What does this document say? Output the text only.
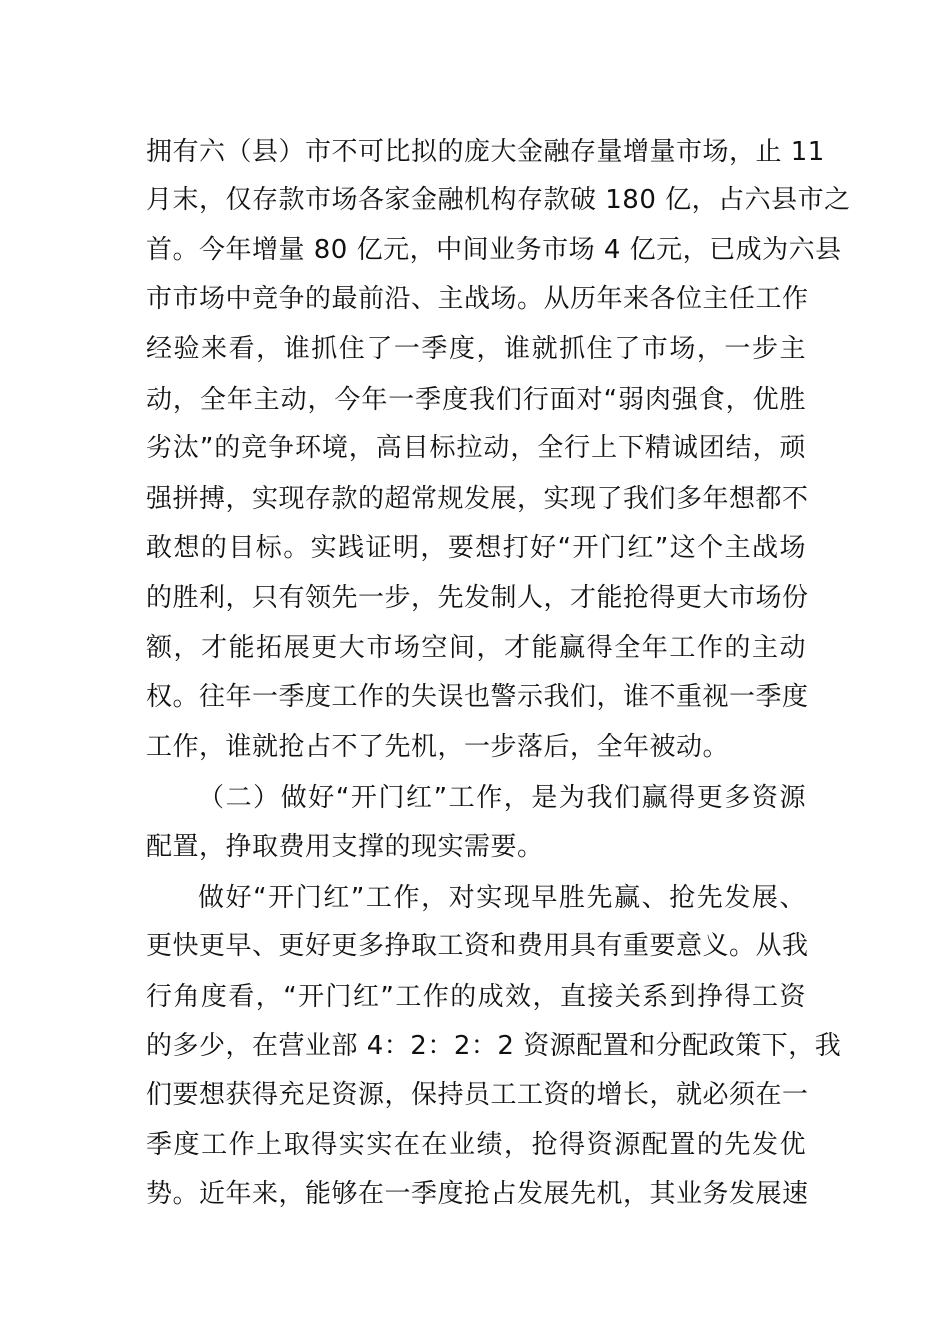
拥有六（县）市不可比拟的庞大金融存量增量市场，止 11
月末，仅存款市场各家金融机构存款破 180 亿，占六县市之
首。今年增量 80 亿元，中间业务市场 4 亿元，已成为六县
市市场中竞争的最前沿、主战场。从历年来各位主任工作
经验来看，谁抓住了一季度，谁就抓住了市场，一步主
动，全年主动，今年一季度我们行面对“弱肉强食，优胜
劣汰”的竞争环境，高目标拉动，全行上下精诚团结，顽
强拼搏，实现存款的超常规发展，实现了我们多年想都不
敢想的目标。实践证明，要想打好“开门红”这个主战场
的胜利，只有领先一步，先发制人，才能抢得更大市场份
额，才能拓展更大市场空间，才能赢得全年工作的主动
权。往年一季度工作的失误也警示我们，谁不重视一季度
工作，谁就抢占不了先机，一步落后，全年被动。
（二）做好“开门红”工作，是为我们赢得更多资源
配置，挣取费用支撑的现实需要。
做好“开门红”工作，对实现早胜先赢、抢先发展、
更快更早、更好更多挣取工资和费用具有重要意义。从我
行角度看，“开门红”工作的成效，直接关系到挣得工资
的多少，在营业部 4：2：2：2 资源配置和分配政策下，我
们要想获得充足资源，保持员工工资的增长，就必须在一
季度工作上取得实实在在业绩，抢得资源配置的先发优
势。近年来，能够在一季度抢占发展先机，其业务发展速
